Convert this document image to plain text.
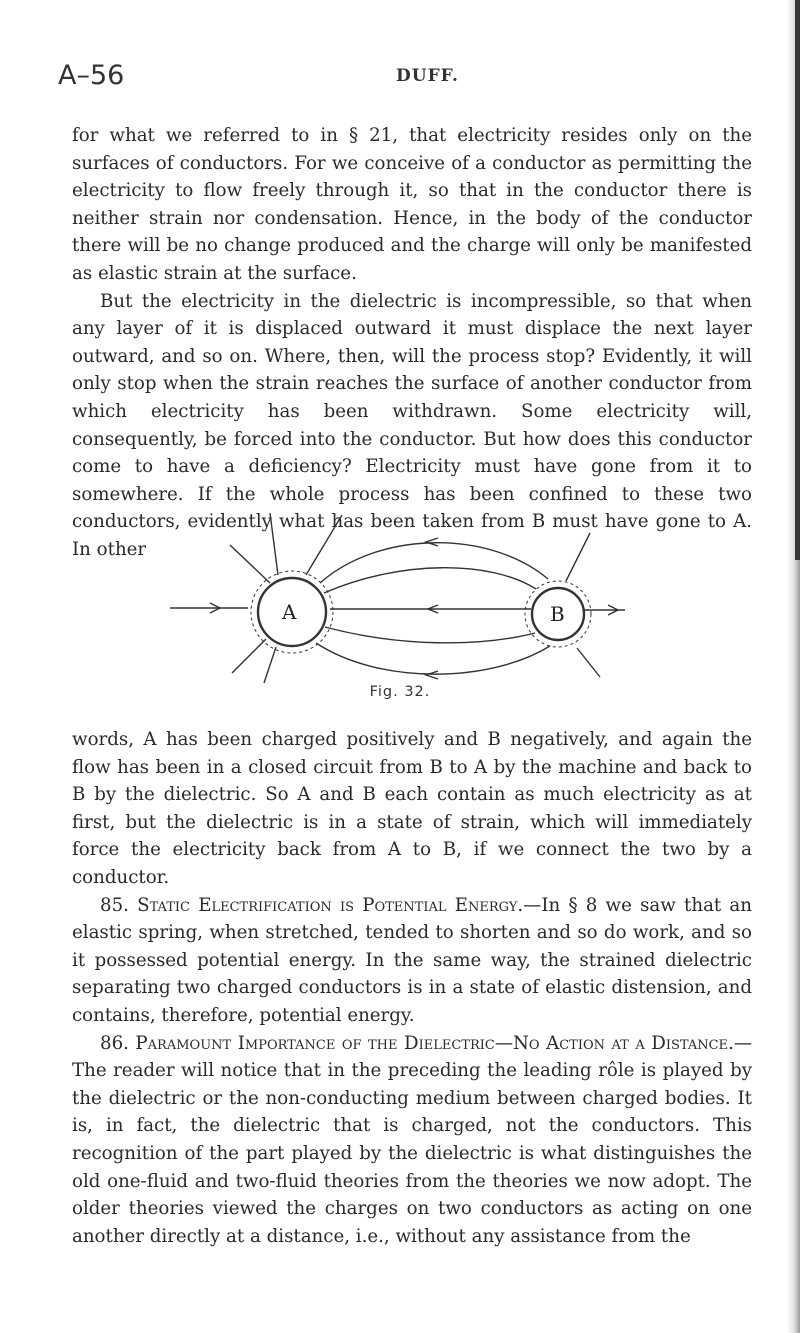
A–56	DUFF.

for what we referred to in § 21, that electricity resides only on the surfaces of conductors. For we conceive of a conductor as permitting the electricity to flow freely through it, so that in the conductor there is neither strain nor condensation. Hence, in the body of the conductor there will be no change produced and the charge will only be manifested as elastic strain at the surface.

But the electricity in the dielectric is incompressible, so that when any layer of it is displaced outward it must displace the next layer outward, and so on. Where, then, will the process stop? Evidently, it will only stop when the strain reaches the surface of another conductor from which electricity has been withdrawn. Some electricity will, consequently, be forced into the conductor. But how does this conductor come to have a deficiency? Electricity must have gone from it to somewhere. If the whole process has been confined to these two conductors, evidently what has been taken from B must have gone to A. In other

A	B
Fig. 32.

words, A has been charged positively and B negatively, and again the flow has been in a closed circuit from B to A by the machine and back to B by the dielectric. So A and B each contain as much electricity as at first, but the dielectric is in a state of strain, which will immediately force the electricity back from A to B, if we connect the two by a conductor.

85. Static Electrification is Potential Energy.—In § 8 we saw that an elastic spring, when stretched, tended to shorten and so do work, and so it possessed potential energy. In the same way, the strained dielectric separating two charged conductors is in a state of elastic distension, and contains, therefore, potential energy.

86. Paramount Importance of the Dielectric—No Action at a Distance.—The reader will notice that in the preceding the leading rôle is played by the dielectric or the non-conducting medium between charged bodies. It is, in fact, the dielectric that is charged, not the conductors. This recognition of the part played by the dielectric is what distinguishes the old one-fluid and two-fluid theories from the theories we now adopt. The older theories viewed the charges on two conductors as acting on one another directly at a distance, i.e., without any assistance from the
